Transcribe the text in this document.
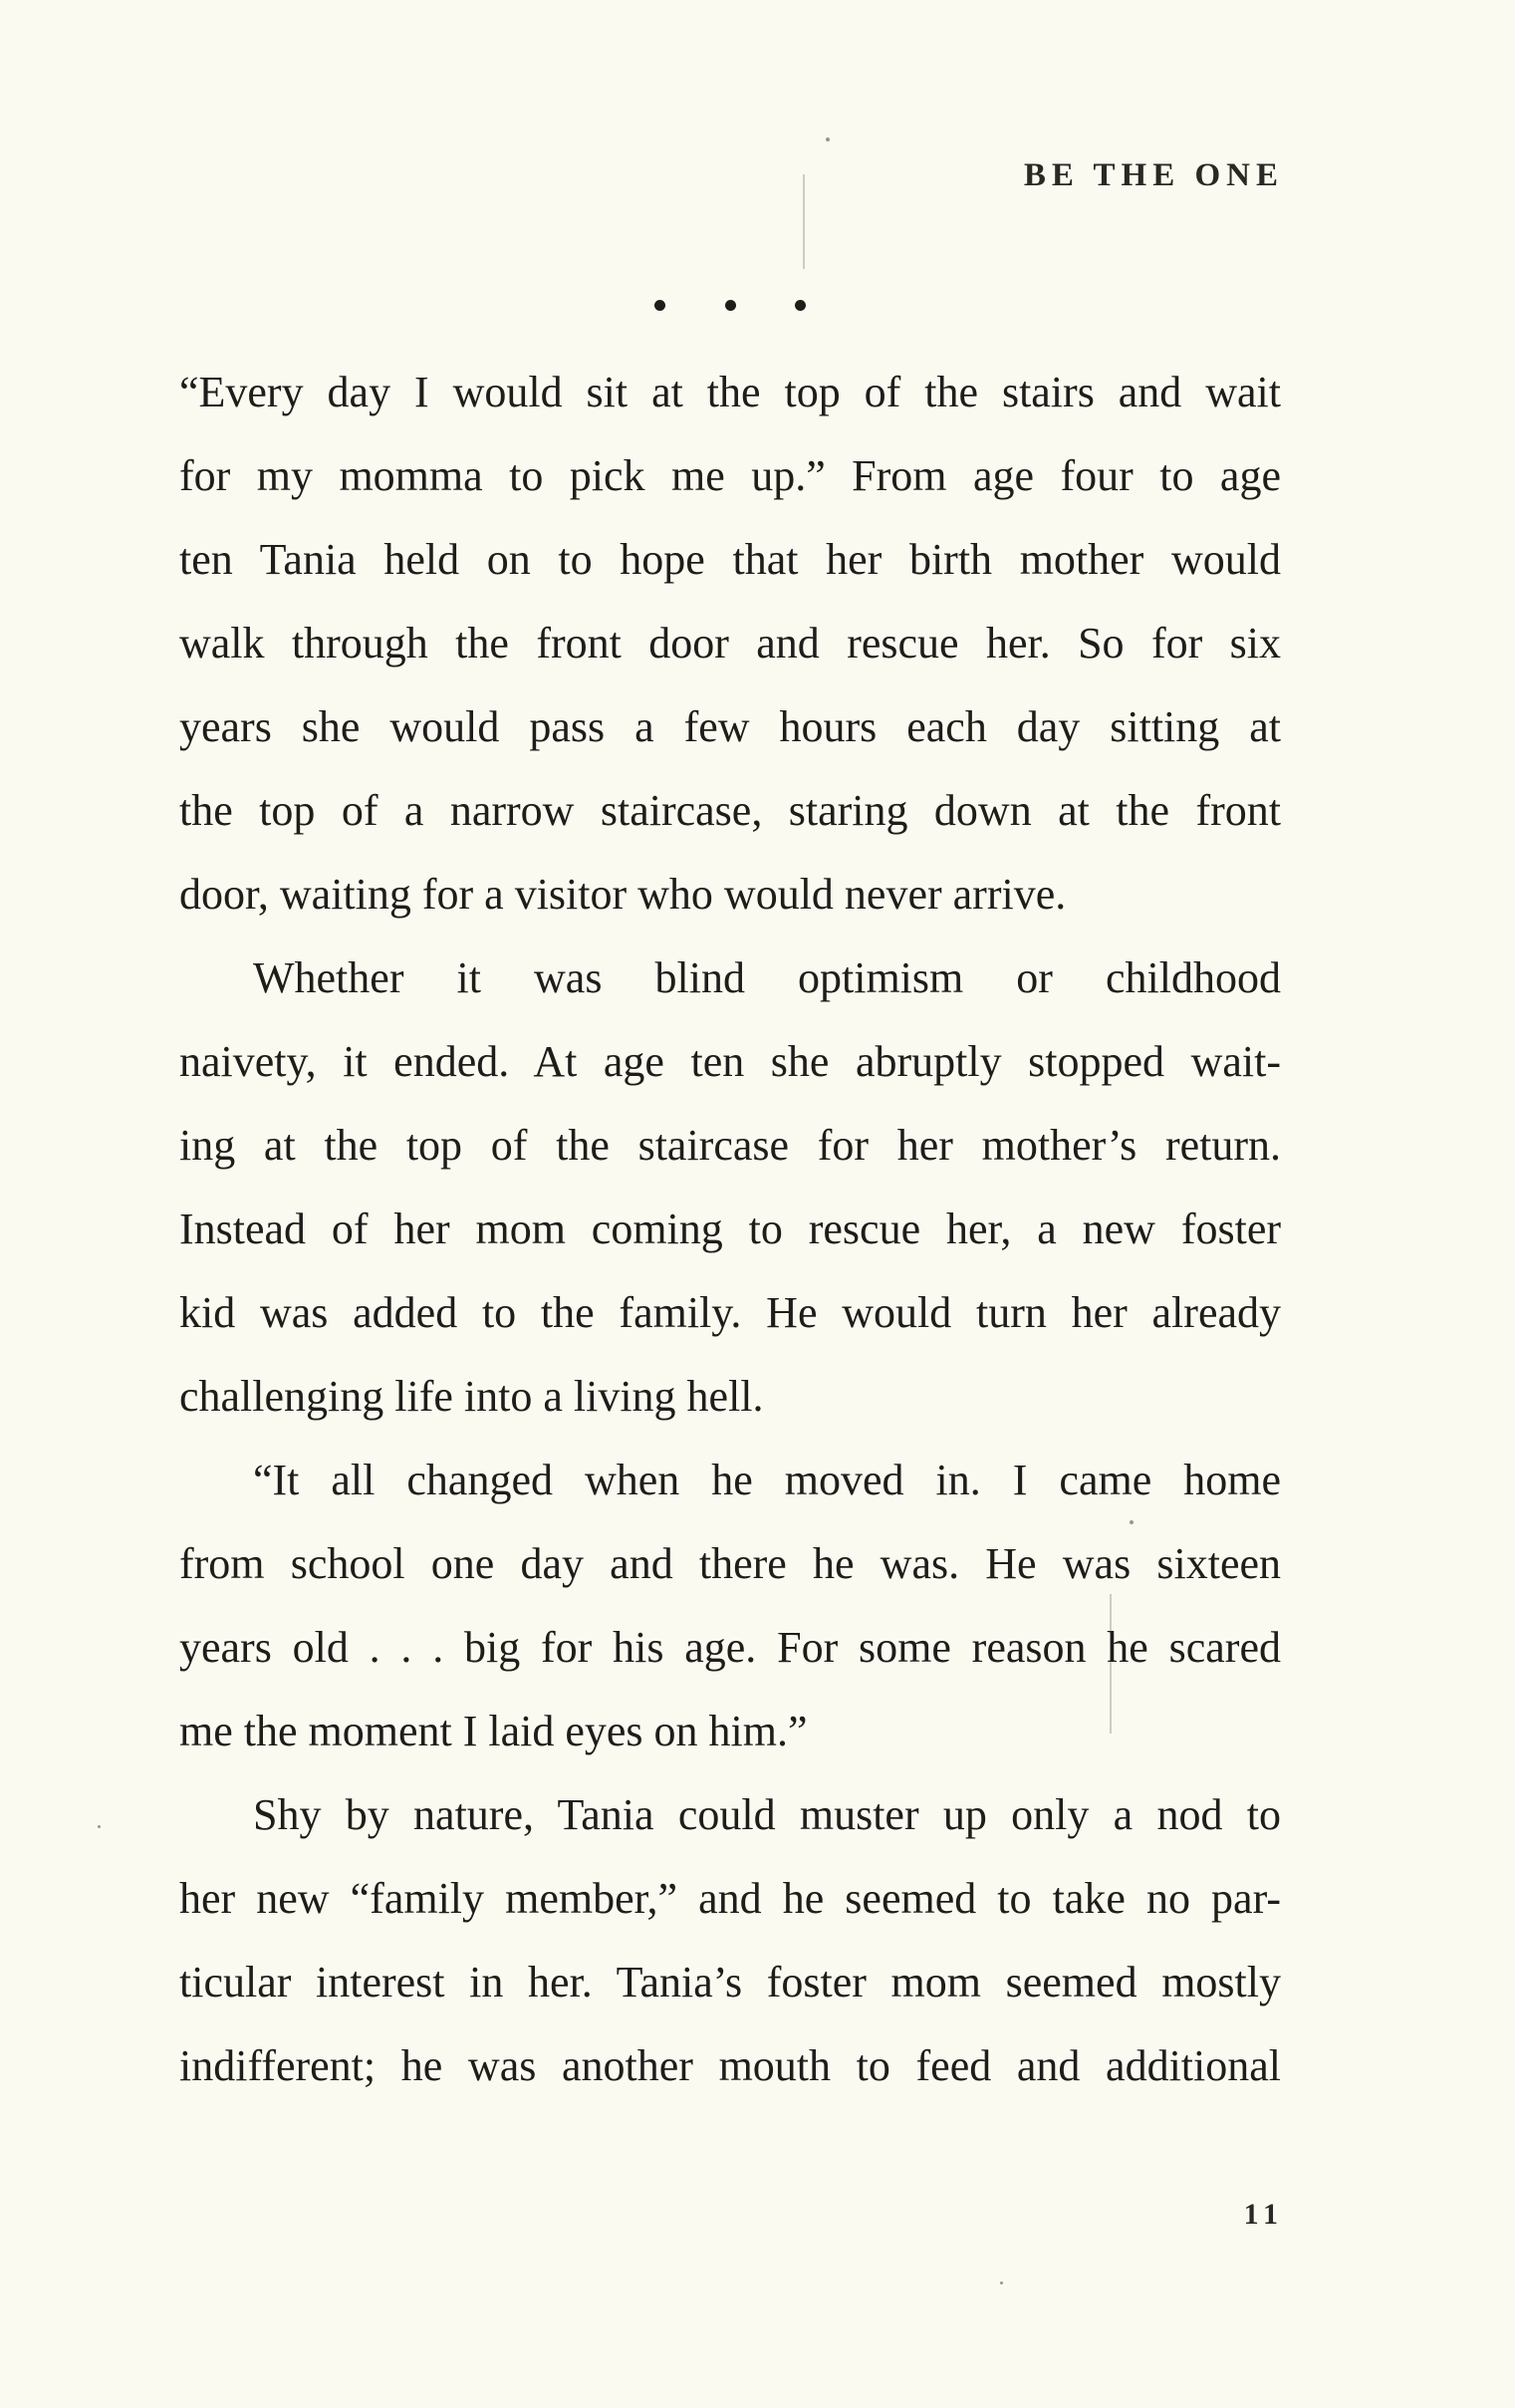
BE THE ONE
“Every day I would sit at the top of the stairs and wait
for my momma to pick me up.” From age four to age
ten Tania held on to hope that her birth mother would
walk through the front door and rescue her. So for six
years she would pass a few hours each day sitting at
the top of a narrow staircase, staring down at the front
door, waiting for a visitor who would never arrive.
Whether it was blind optimism or childhood
naivety, it ended. At age ten she abruptly stopped wait-
ing at the top of the staircase for her mother’s return.
Instead of her mom coming to rescue her, a new foster
kid was added to the family. He would turn her already
challenging life into a living hell.
“It all changed when he moved in. I came home
from school one day and there he was. He was sixteen
years old . . . big for his age. For some reason he scared
me the moment I laid eyes on him.”
Shy by nature, Tania could muster up only a nod to
her new “family member,” and he seemed to take no par-
ticular interest in her. Tania’s foster mom seemed mostly
indifferent; he was another mouth to feed and additional
11
